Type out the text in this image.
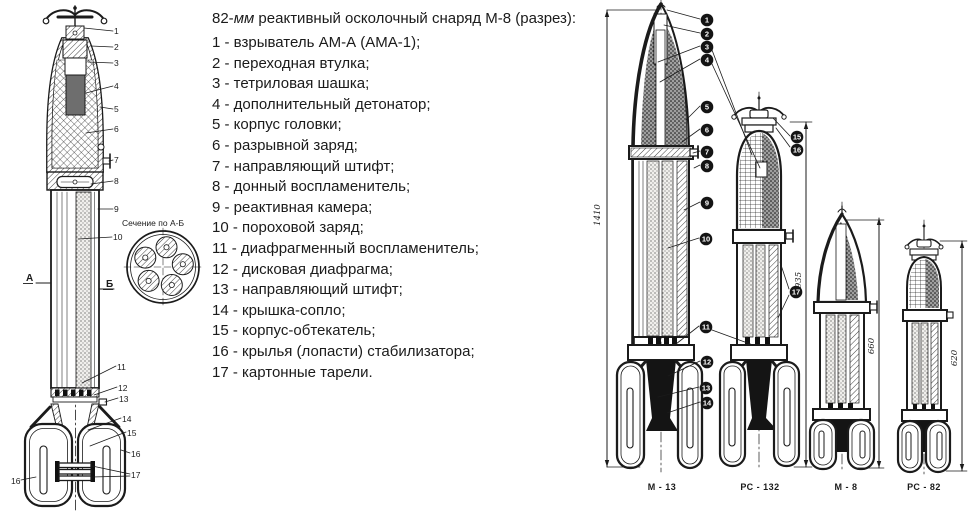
1
2
3
4
5
6
7
8
9
10
11
12
13
14
15
16
17
16
Сечение по А-Б
А
Б
82-мм реактивный осколочный снаряд М-8 (разрез):
1 - взрыватель АМ-А (АМА-1);
2 - переходная втулка;
3 - тетриловая шашка;
4 - дополнительный детонатор;
5 - корпус головки;
6 - разрывной заряд;
7 - направляющий штифт;
8 - донный воспламенитель;
9 - реактивная камера;
10 - пороховой заряд;
11 - диафрагменный воспламенитель;
12 - дисковая диафрагма;
13 - направляющий штифт;
14 - крышка-сопло;
15 - корпус-обтекатель;
16 - крылья (лопасти) стабилизатора;
17 - картонные тарели.
1
2
3
4
5
6
7
8
9
10
11
12
13
14
15
16
17
М - 13	РС - 132	М - 8	РС - 82
1410
935
660
620
